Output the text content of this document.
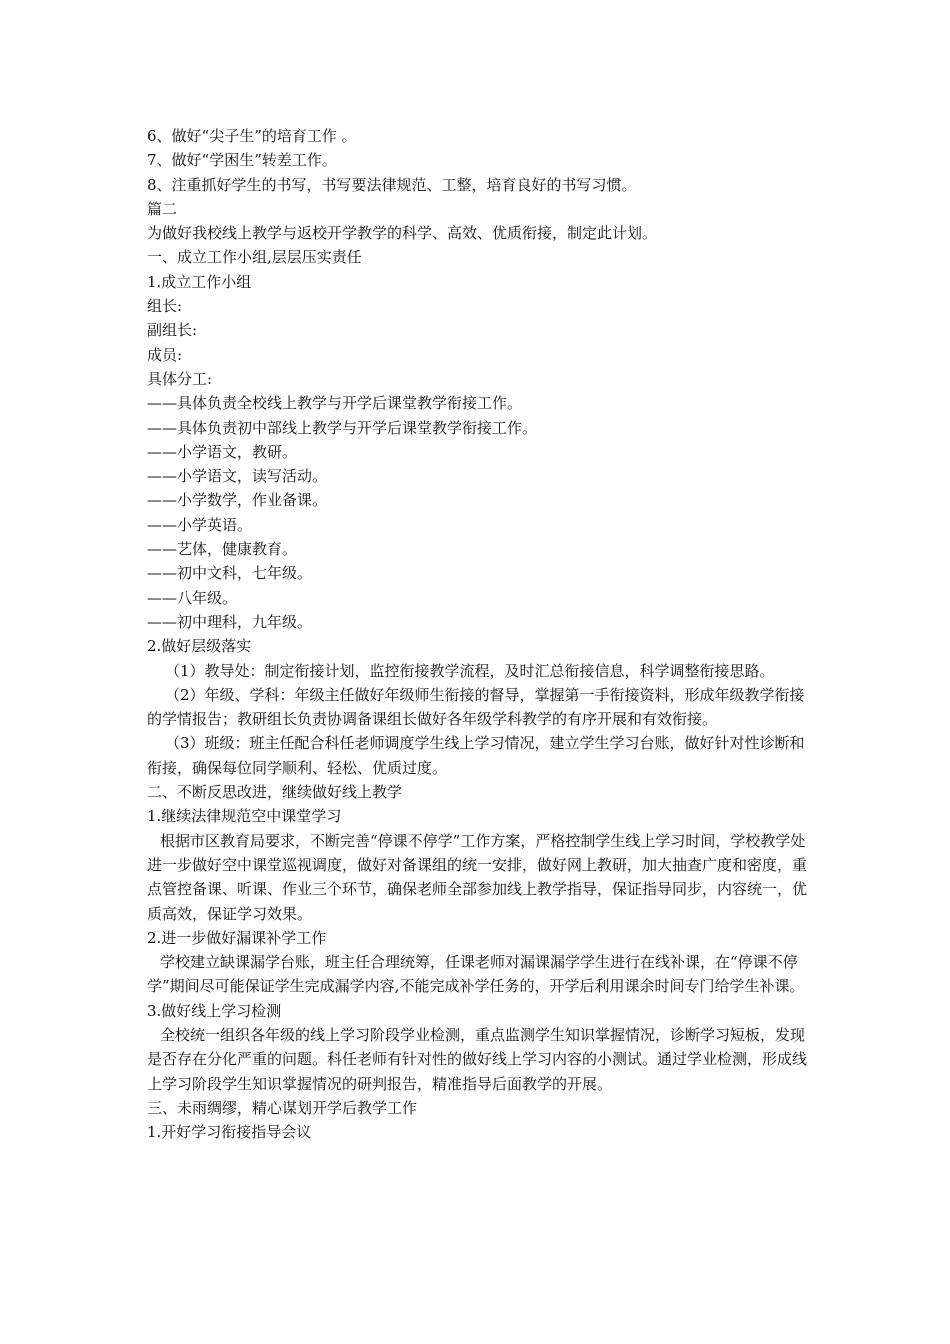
6、做好“尖子生”的培育工作 。

7、做好“学困生”转差工作。

8、注重抓好学生的书写，书写要法律规范、工整，培育良好的书写习惯。

篇二

为做好我校线上教学与返校开学教学的科学、高效、优质衔接，制定此计划。

一、成立工作小组,层层压实责任

1.成立工作小组

组长:

副组长:

成员:

具体分工:

——具体负责全校线上教学与开学后课堂教学衔接工作。

——具体负责初中部线上教学与开学后课堂教学衔接工作。

——小学语文，教研。

——小学语文，读写活动。

——小学数学，作业备课。

——小学英语。

——艺体，健康教育。

——初中文科，七年级。

——八年级。

——初中理科，九年级。

2.做好层级落实

（1）教导处：制定衔接计划，监控衔接教学流程，及时汇总衔接信息，科学调整衔接思路。

（2）年级、学科：年级主任做好年级师生衔接的督导，掌握第一手衔接资料，形成年级教学衔接的学情报告；教研组长负责协调备课组长做好各年级学科教学的有序开展和有效衔接。

（3）班级：班主任配合科任老师调度学生线上学习情况，建立学生学习台账，做好针对性诊断和衔接，确保每位同学顺利、轻松、优质过度。

二、不断反思改进，继续做好线上教学

1.继续法律规范空中课堂学习

根据市区教育局要求，不断完善“停课不停学”工作方案，严格控制学生线上学习时间，学校教学处进一步做好空中课堂巡视调度，做好对备课组的统一安排，做好网上教研，加大抽查广度和密度，重点管控备课、听课、作业三个环节，确保老师全部参加线上教学指导，保证指导同步，内容统一，优质高效，保证学习效果。

2.进一步做好漏课补学工作

学校建立缺课漏学台账，班主任合理统筹，任课老师对漏课漏学学生进行在线补课，在“停课不停学”期间尽可能保证学生完成漏学内容,不能完成补学任务的，开学后利用课余时间专门给学生补课。

3.做好线上学习检测

全校统一组织各年级的线上学习阶段学业检测，重点监测学生知识掌握情况，诊断学习短板，发现是否存在分化严重的问题。科任老师有针对性的做好线上学习内容的小测试。通过学业检测，形成线上学习阶段学生知识掌握情况的研判报告，精准指导后面教学的开展。

三、未雨绸缪，精心谋划开学后教学工作

1.开好学习衔接指导会议
